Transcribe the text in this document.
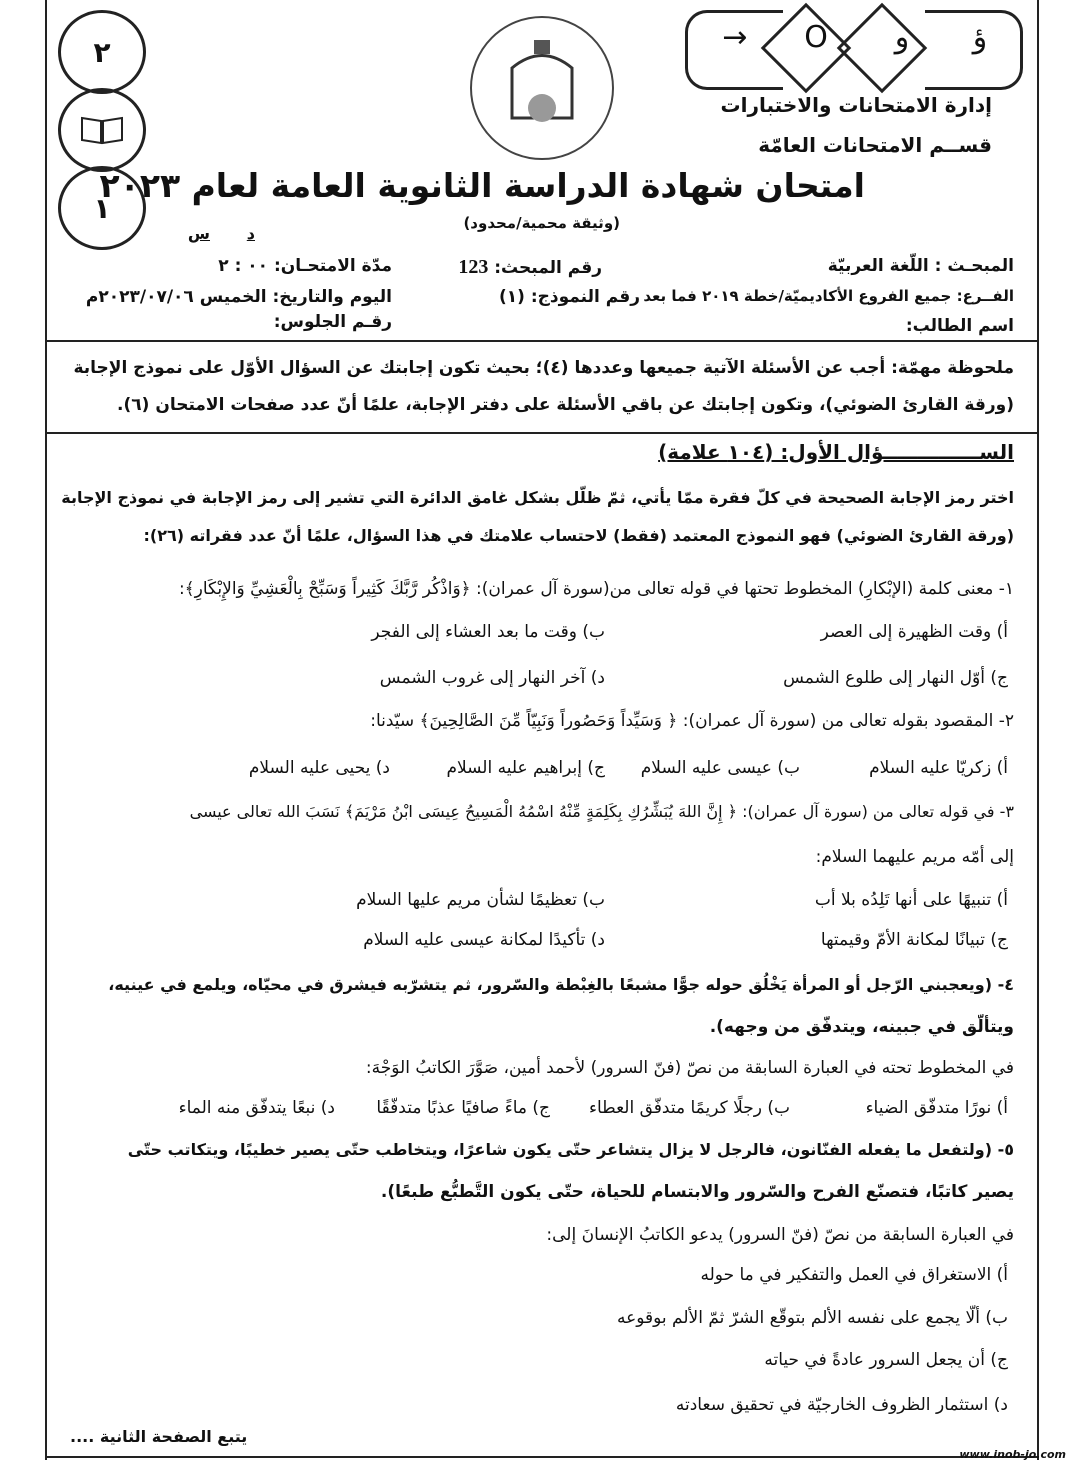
ؤ
و
O
→
إدارة الامتحانات والاختبارات
قســم الامتحانات العامّة
٢
١
امتحان شهادة الدراسة الثانوية العامة لعام ٢٠٢٣
(وثيقة محمية/محدود)
د
س
المبحـث : اللّغة العربيّة
رقم المبحث: 123
مدّة الامتحـان: ٠٠ : ٢
الفــرع: جميع الفروع الأكاديميّة/خطة ٢٠١٩ فما بعد
رقم النموذج: (١)
اليوم والتاريخ: الخميس ٢٠٢٣/٠٧/٠٦م
اسم الطالب:
رقـم الجلوس:
ملحوظة مهمّة: أجب عن الأسئلة الآتية جميعها وعددها (٤)؛ بحيث تكون إجابتك عن السؤال الأوّل على نموذج الإجابة
(ورقة القارئ الضوئي)، وتكون إجابتك عن باقي الأسئلة على دفتر الإجابة، علمًا أنّ عدد صفحات الامتحان (٦).
الســــــــــــــؤال الأول: (١٠٤ علامة)
اختر رمز الإجابة الصحيحة في كلّ فقرة ممّا يأتي، ثمّ ظلّل بشكل غامق الدائرة التي تشير إلى رمز الإجابة في نموذج الإجابة
(ورقة القارئ الضوئي) فهو النموذج المعتمد (فقط) لاحتساب علامتك في هذا السؤال، علمًا أنّ عدد فقراته (٢٦):
١- معنى كلمة (الإبْكارِ) المخطوط تحتها في قوله تعالى من(سورة آل عمران): ﴿وَاذْكُر رَّبَّكَ كَثِيراً وَسَبِّحْ بِالْعَشِيِّ وَالإِبْكَارِ﴾:
أ) وقت الظهيرة إلى العصر
ب) وقت ما بعد العشاء إلى الفجر
ج) أوّل النهار إلى طلوع الشمس
د) آخر النهار إلى غروب الشمس
٢- المقصود بقوله تعالى من (سورة آل عمران): ﴿ وَسَيِّداً وَحَصُوراً وَنَبِيّاً مِّنَ الصَّالِحِينَ﴾ سيّدنا:
أ) زكريّا عليه السلام
ب) عيسى عليه السلام
ج) إبراهيم عليه السلام
د) يحيى عليه السلام
٣- في قوله تعالى من (سورة آل عمران): ﴿ إِنَّ اللهَ يُبَشِّرُكِ بِكَلِمَةٍ مِّنْهُ اسْمُهُ الْمَسِيحُ عِيسَى ابْنُ مَرْيَمَ﴾ نَسَبَ الله تعالى عيسى
إلى أمّه مريم عليهما السلام:
أ) تنبيهًا على أنها تَلِدُه بلا أب
ب) تعظيمًا لشأن مريم عليها السلام
ج) تبيانًا لمكانة الأمّ وقيمتها
د) تأكيدًا لمكانة عيسى عليه السلام
٤- (ويعجبني الرّجل أو المرأة يَخْلُق حوله جوًّا مشبعًا بالغِبْطة والسّرور، ثم يتشرّبه فيشرق في محيّاه، ويلمع في عينيه،
ويتألّق في جبينه، ويتدفّق من وجهه).
في المخطوط تحته في العبارة السابقة من نصّ (فنّ السرور) لأحمد أمين، صَوَّرَ الكاتبُ الوَجْهَ:
أ) نورًا متدفّق الضياء
ب) رجلًا كريمًا متدفّق العطاء
ج) ماءً صافيًا عذبًا متدفّقًا
د) نبعًا يتدفّق منه الماء
٥- (ولتفعل ما يفعله الفنّانون، فالرجل لا يزال يتشاعر حتّى يكون شاعرًا، ويتخاطب حتّى يصير خطيبًا، ويتكاتب حتّى
يصير كاتبًا، فتصنّع الفرح والسّرور والابتسام للحياة، حتّى يكون التَّطبُّع طبعًا).
في العبارة السابقة من نصّ (فنّ السرور) يدعو الكاتبُ الإنسانَ إلى:
أ) الاستغراق في العمل والتفكير في ما حوله
ب) ألّا يجمع على نفسه الألم بتوقّع الشرّ ثمّ الألم بوقوعه
ج) أن يجعل السرور عادةً في حياته
د) استثمار الظروف الخارجيّة في تحقيق سعادته
يتبع الصفحة الثانية ....
www.inob-jo.com
